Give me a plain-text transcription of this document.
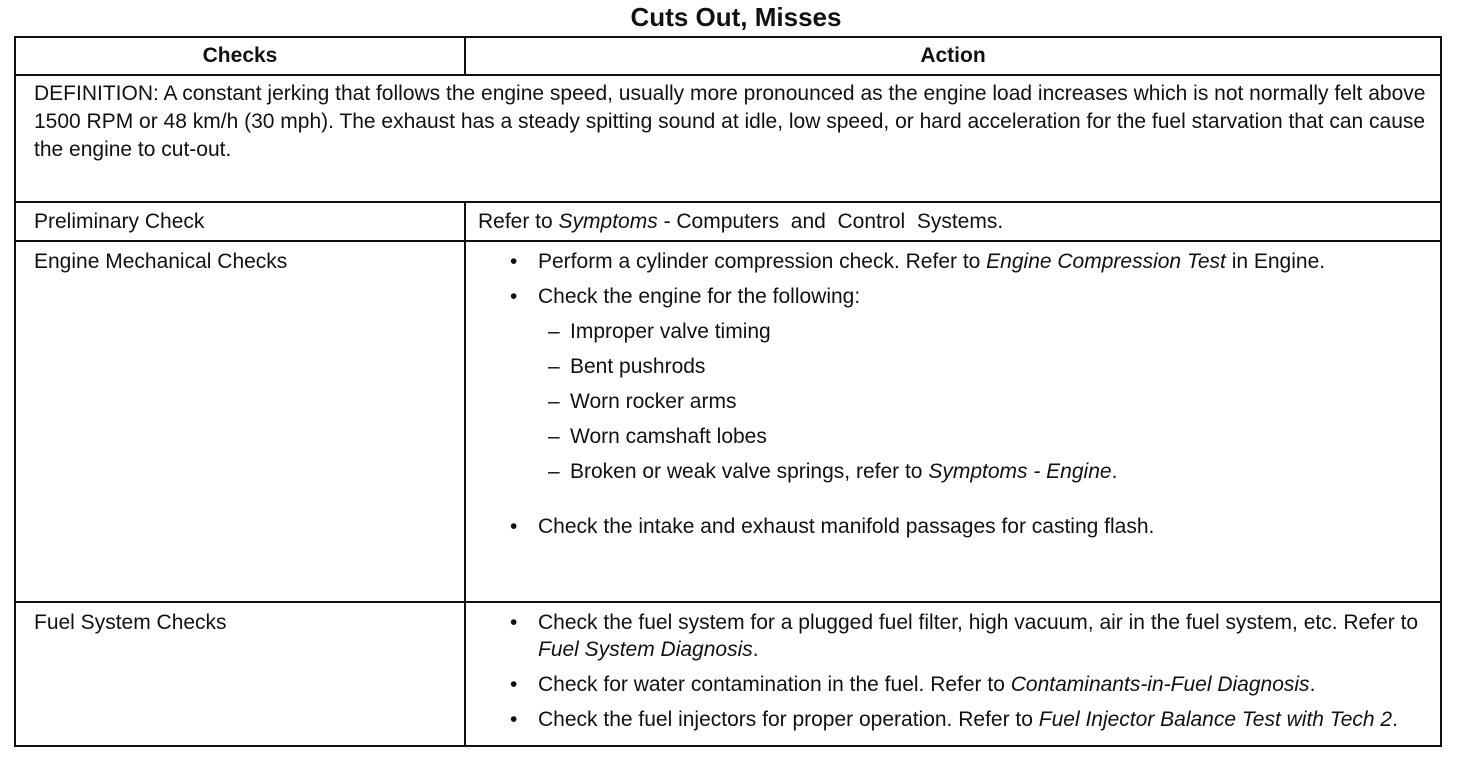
Cuts Out, Misses
Checks	Action
DEFINITION: A constant jerking that follows the engine speed, usually more pronounced as the engine load increases which is not normally felt above 1500 RPM or 48 km/h (30 mph). The exhaust has a steady spitting sound at idle, low speed, or hard acceleration for the fuel starvation that can cause the engine to cut-out.
Preliminary Check	Refer to Symptoms - Computers  and  Control  Systems.
Engine Mechanical Checks	• Perform a cylinder compression check. Refer to Engine Compression Test in Engine.
• Check the engine for the following:
– Improper valve timing
– Bent pushrods
– Worn rocker arms
– Worn camshaft lobes
– Broken or weak valve springs, refer to Symptoms - Engine.
• Check the intake and exhaust manifold passages for casting flash.
Fuel System Checks	• Check the fuel system for a plugged fuel filter, high vacuum, air in the fuel system, etc. Refer to Fuel System Diagnosis.
• Check for water contamination in the fuel. Refer to Contaminants-in-Fuel Diagnosis.
• Check the fuel injectors for proper operation. Refer to Fuel Injector Balance Test with Tech 2.
